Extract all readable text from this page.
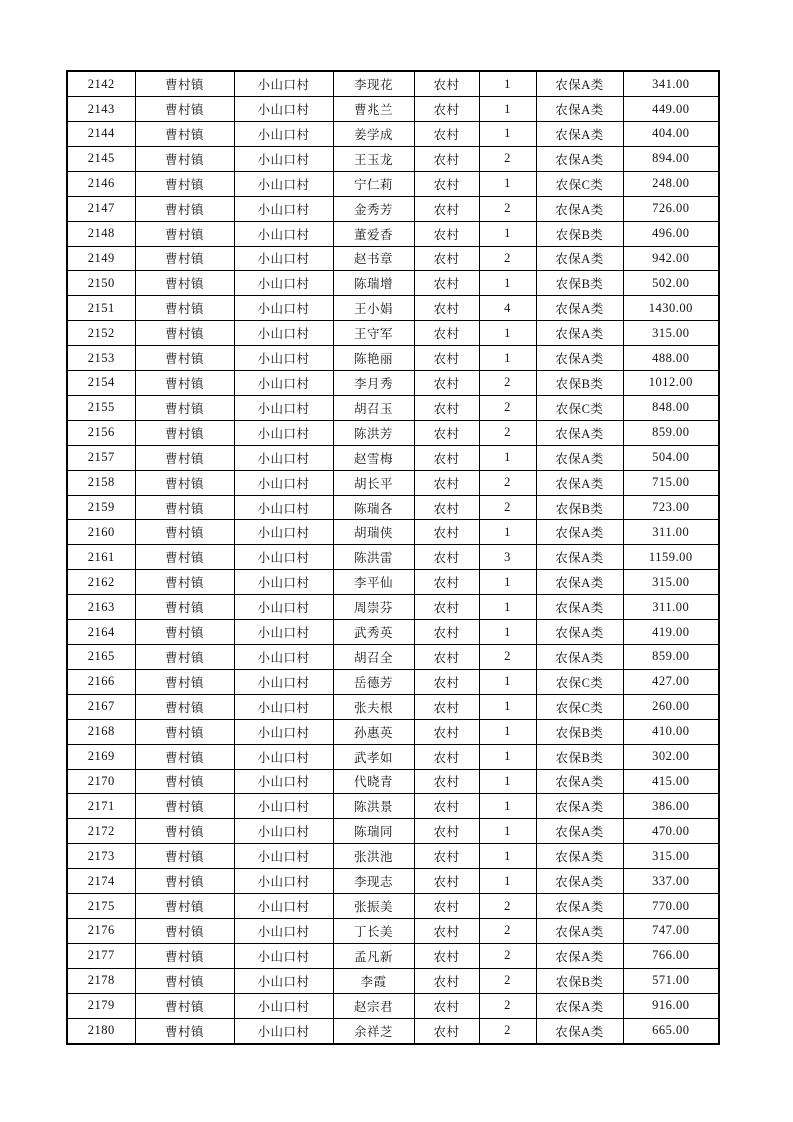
2142	曹村镇	小山口村	李现花	农村	1	农保A类	341.00
2143	曹村镇	小山口村	曹兆兰	农村	1	农保A类	449.00
2144	曹村镇	小山口村	姜学成	农村	1	农保A类	404.00
2145	曹村镇	小山口村	王玉龙	农村	2	农保A类	894.00
2146	曹村镇	小山口村	宁仁莉	农村	1	农保C类	248.00
2147	曹村镇	小山口村	金秀芳	农村	2	农保A类	726.00
2148	曹村镇	小山口村	董爱香	农村	1	农保B类	496.00
2149	曹村镇	小山口村	赵书章	农村	2	农保A类	942.00
2150	曹村镇	小山口村	陈瑞增	农村	1	农保B类	502.00
2151	曹村镇	小山口村	王小娟	农村	4	农保A类	1430.00
2152	曹村镇	小山口村	王守军	农村	1	农保A类	315.00
2153	曹村镇	小山口村	陈艳丽	农村	1	农保A类	488.00
2154	曹村镇	小山口村	李月秀	农村	2	农保B类	1012.00
2155	曹村镇	小山口村	胡召玉	农村	2	农保C类	848.00
2156	曹村镇	小山口村	陈洪芳	农村	2	农保A类	859.00
2157	曹村镇	小山口村	赵雪梅	农村	1	农保A类	504.00
2158	曹村镇	小山口村	胡长平	农村	2	农保A类	715.00
2159	曹村镇	小山口村	陈瑞各	农村	2	农保B类	723.00
2160	曹村镇	小山口村	胡瑞侠	农村	1	农保A类	311.00
2161	曹村镇	小山口村	陈洪雷	农村	3	农保A类	1159.00
2162	曹村镇	小山口村	李平仙	农村	1	农保A类	315.00
2163	曹村镇	小山口村	周崇芬	农村	1	农保A类	311.00
2164	曹村镇	小山口村	武秀英	农村	1	农保A类	419.00
2165	曹村镇	小山口村	胡召全	农村	2	农保A类	859.00
2166	曹村镇	小山口村	岳德芳	农村	1	农保C类	427.00
2167	曹村镇	小山口村	张夫根	农村	1	农保C类	260.00
2168	曹村镇	小山口村	孙惠英	农村	1	农保B类	410.00
2169	曹村镇	小山口村	武孝如	农村	1	农保B类	302.00
2170	曹村镇	小山口村	代晓青	农村	1	农保A类	415.00
2171	曹村镇	小山口村	陈洪景	农村	1	农保A类	386.00
2172	曹村镇	小山口村	陈瑞同	农村	1	农保A类	470.00
2173	曹村镇	小山口村	张洪池	农村	1	农保A类	315.00
2174	曹村镇	小山口村	李现志	农村	1	农保A类	337.00
2175	曹村镇	小山口村	张振美	农村	2	农保A类	770.00
2176	曹村镇	小山口村	丁长美	农村	2	农保A类	747.00
2177	曹村镇	小山口村	孟凡新	农村	2	农保A类	766.00
2178	曹村镇	小山口村	李霞	农村	2	农保B类	571.00
2179	曹村镇	小山口村	赵宗君	农村	2	农保A类	916.00
2180	曹村镇	小山口村	余祥芝	农村	2	农保A类	665.00
